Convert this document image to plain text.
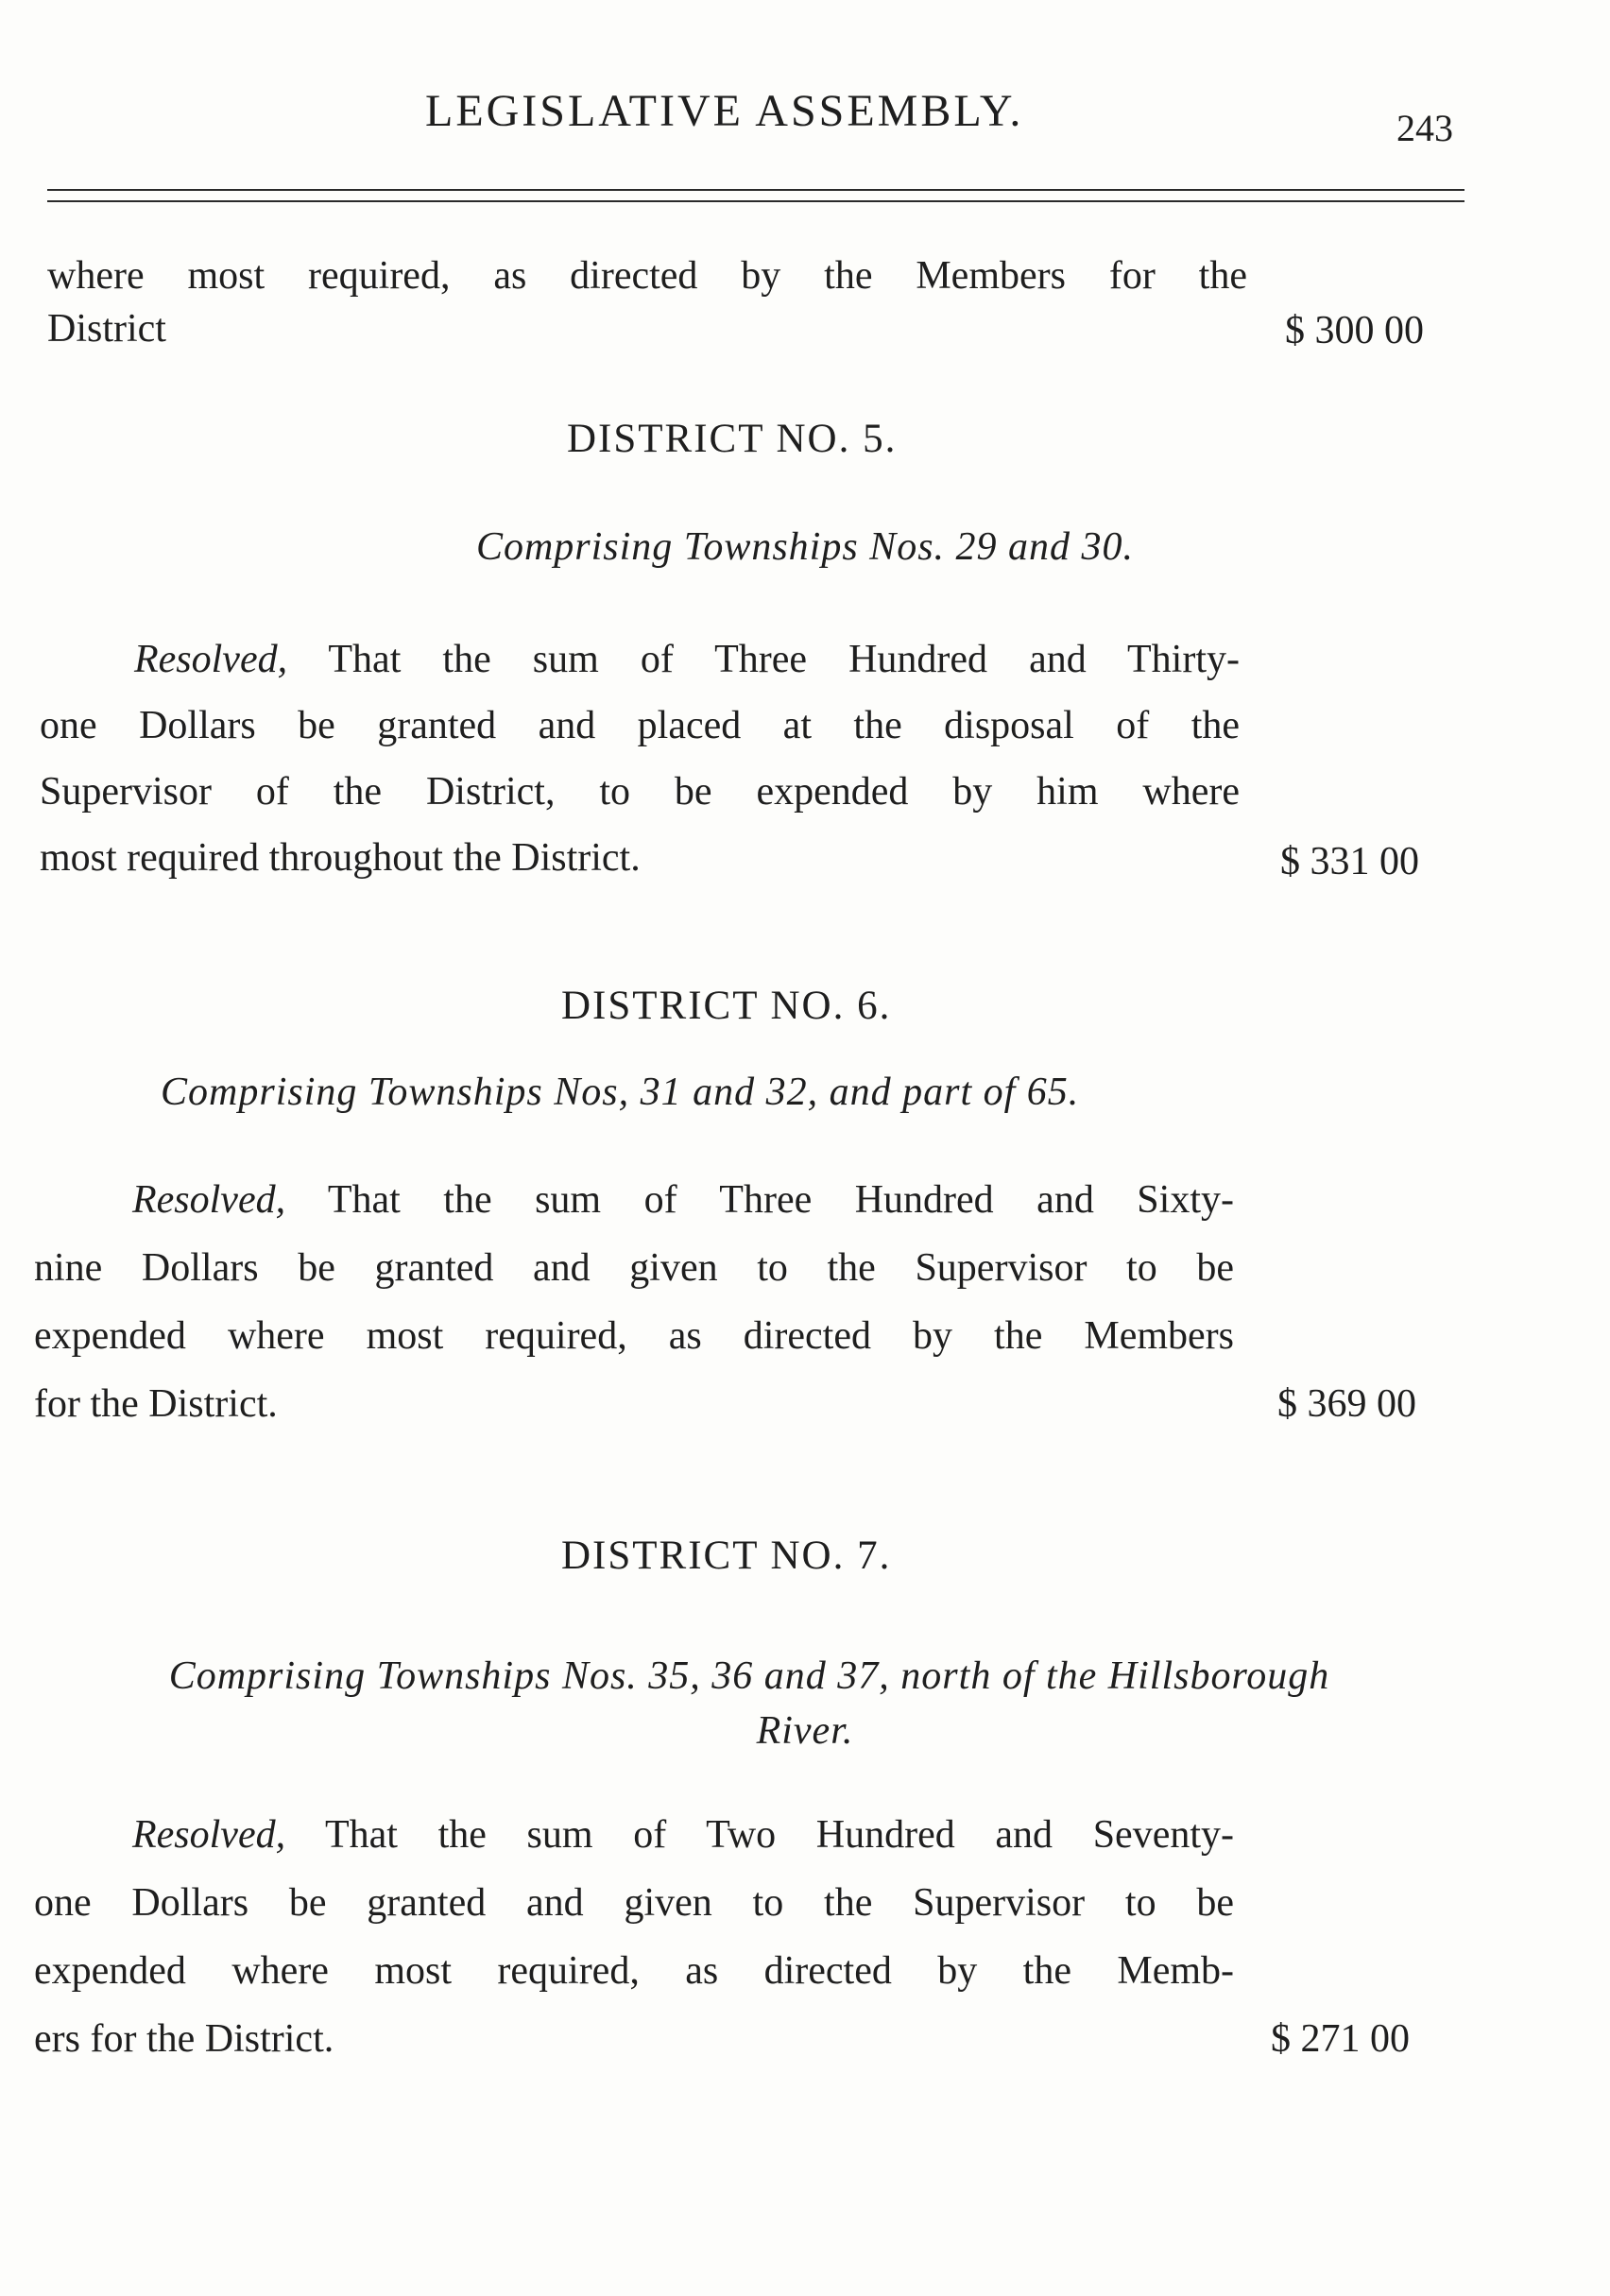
LEGISLATIVE ASSEMBLY.	243
where most required, as directed by the Members for the
District	$ 300 00
DISTRICT NO. 5.
Comprising Townships Nos. 29 and 30.
Resolved, That the sum of Three Hundred and Thirty-
one Dollars be granted and placed at the disposal of the
Supervisor of the District, to be expended by him where
most required throughout the District.	$ 331 00
DISTRICT NO. 6.
Comprising Townships Nos, 31 and 32, and part of 65.
Resolved, That the sum of Three Hundred and Sixty-
nine Dollars be granted and given to the Supervisor to be
expended where most required, as directed by the Members
for the District.	$ 369 00
DISTRICT NO. 7.
Comprising Townships Nos. 35, 36 and 37, north of the Hillsborough
River.
Resolved, That the sum of Two Hundred and Seventy-
one Dollars be granted and given to the Supervisor to be
expended where most required, as directed by the Memb-
ers for the District.	$ 271 00
